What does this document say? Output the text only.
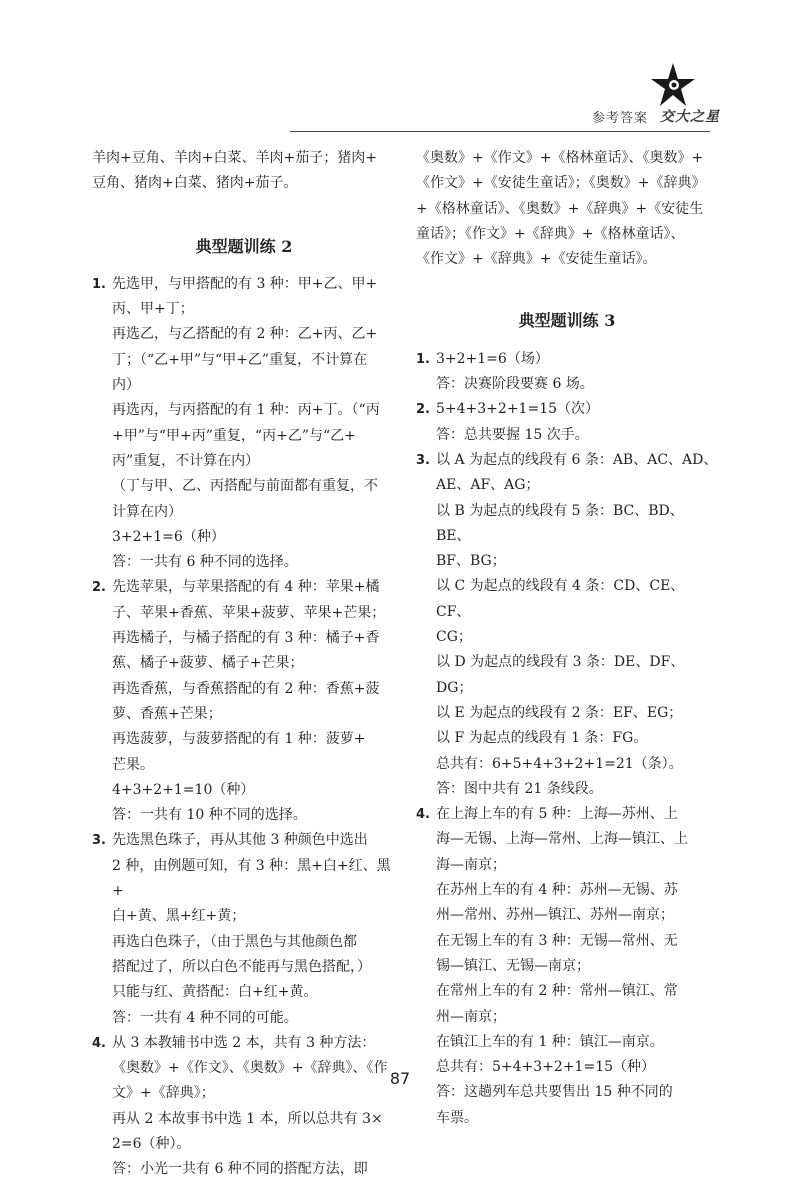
参考答案 交大之星
羊肉+豆角、羊肉+白菜、羊肉+茄子；猪肉+
豆角、猪肉+白菜、猪肉+茄子。
典型题训练 2
1. 先选甲，与甲搭配的有 3 种：甲+乙、甲+
丙、甲+丁；
再选乙，与乙搭配的有 2 种：乙+丙、乙+
丁；（“乙+甲”与“甲+乙”重复，不计算在
内）
再选丙，与丙搭配的有 1 种：丙+丁。（“丙
+甲”与“甲+丙”重复，“丙+乙”与“乙+
丙”重复，不计算在内）
（丁与甲、乙、丙搭配与前面都有重复，不
计算在内）
3+2+1=6（种）
答：一共有 6 种不同的选择。
2. 先选苹果，与苹果搭配的有 4 种：苹果+橘
子、苹果+香蕉、苹果+菠萝、苹果+芒果；
再选橘子，与橘子搭配的有 3 种：橘子+香
蕉、橘子+菠萝、橘子+芒果；
再选香蕉，与香蕉搭配的有 2 种：香蕉+菠
萝、香蕉+芒果；
再选菠萝，与菠萝搭配的有 1 种：菠萝+
芒果。
4+3+2+1=10（种）
答：一共有 10 种不同的选择。
3. 先选黑色珠子，再从其他 3 种颜色中选出
2 种，由例题可知，有 3 种：黑+白+红、黑+
白+黄、黑+红+黄；
再选白色珠子，（由于黑色与其他颜色都
搭配过了，所以白色不能再与黑色搭配，）
只能与红、黄搭配：白+红+黄。
答：一共有 4 种不同的可能。
4. 从 3 本教辅书中选 2 本，共有 3 种方法：
《奥数》+《作文》、《奥数》+《辞典》、《作
文》+《辞典》；
再从 2 本故事书中选 1 本，所以总共有 3×
2=6（种）。
答：小光一共有 6 种不同的搭配方法，即
《奥数》+《作文》+《格林童话》、《奥数》+
《作文》+《安徒生童话》；《奥数》+《辞典》
+《格林童话》、《奥数》+《辞典》+《安徒生
童话》；《作文》+《辞典》+《格林童话》、
《作文》+《辞典》+《安徒生童话》。
典型题训练 3
1. 3+2+1=6（场）
答：决赛阶段要赛 6 场。
2. 5+4+3+2+1=15（次）
答：总共要握 15 次手。
3. 以 A 为起点的线段有 6 条：AB、AC、AD、
AE、AF、AG；
以 B 为起点的线段有 5 条：BC、BD、BE、
BF、BG；
以 C 为起点的线段有 4 条：CD、CE、CF、
CG；
以 D 为起点的线段有 3 条：DE、DF、DG；
以 E 为起点的线段有 2 条：EF、EG；
以 F 为起点的线段有 1 条：FG。
总共有：6+5+4+3+2+1=21（条）。
答：图中共有 21 条线段。
4. 在上海上车的有 5 种：上海—苏州、上
海—无锡、上海—常州、上海—镇江、上
海—南京；
在苏州上车的有 4 种：苏州—无锡、苏
州—常州、苏州—镇江、苏州—南京；
在无锡上车的有 3 种：无锡—常州、无
锡—镇江、无锡—南京；
在常州上车的有 2 种：常州—镇江、常
州—南京；
在镇江上车的有 1 种：镇江—南京。
总共有：5+4+3+2+1=15（种）
答：这趟列车总共要售出 15 种不同的
车票。
87
